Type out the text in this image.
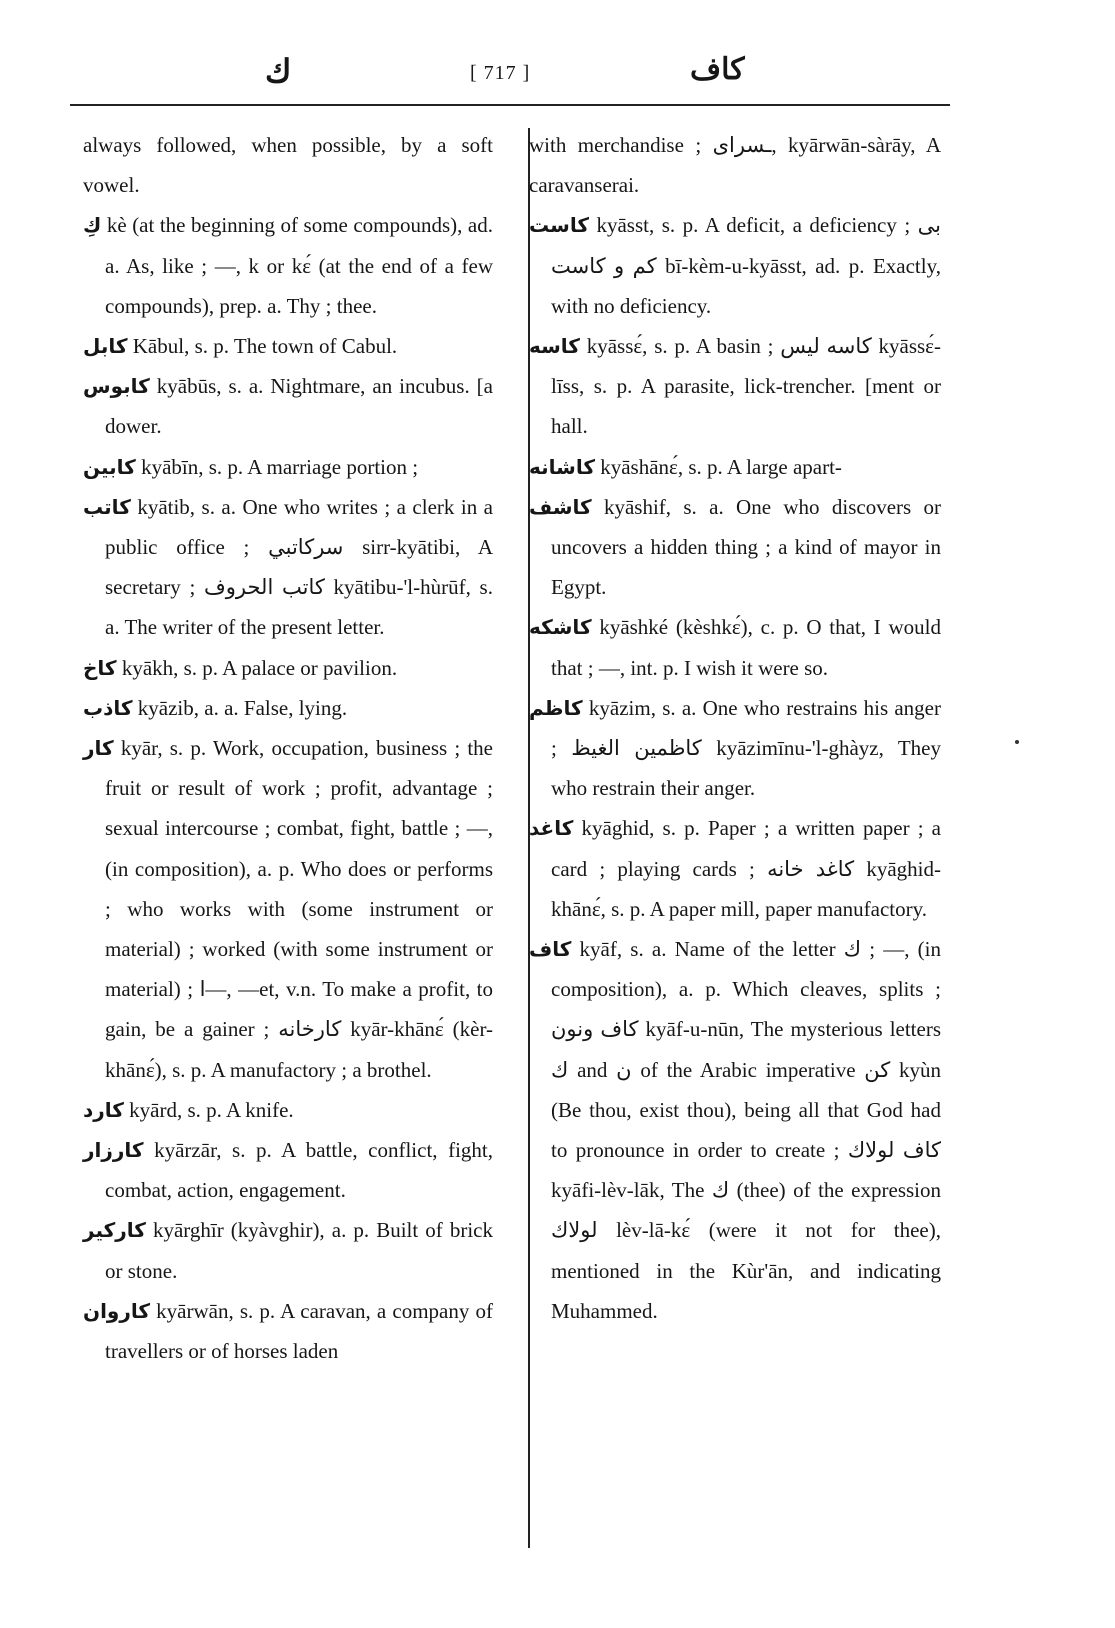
ك	[ 717 ]	كاف

always followed, when possible, by a soft vowel.

كِ kè (at the beginning of some compounds), ad. a. As, like ; —, k or kɛ́ (at the end of a few compounds), prep. a. Thy ; thee.

كابل Kābul, s. p. The town of Cabul.

كابوس kyābūs, s. a. Nightmare, an incubus. [a dower.

كابين kyābīn, s. p. A marriage portion ;

كاتب kyātib, s. a. One who writes ; a clerk in a public office ; سركاتبي sirr-kyātibi, A secretary ; كاتب الحروف kyātibu-'l-hùrūf, s. a. The writer of the present letter.

كاخ kyākh, s. p. A palace or pavilion.

كاذب kyāzib, a. a. False, lying.

كار kyār, s. p. Work, occupation, business ; the fruit or result of work ; profit, advantage ; sexual intercourse ; combat, fight, battle ; —, (in composition), a. p. Who does or performs ; who works with (some instrument or material) ; worked (with some instrument or material) ; ‎ا—, —et, v.n. To make a profit, to gain, be a gainer ; كارخانه kyār-khānɛ́ (kèr-khānɛ́), s. p. A manufactory ; a brothel.

كارد kyārd, s. p. A knife.

كارزار kyārzār, s. p. A battle, conflict, fight, combat, action, engagement.

كاركير kyārghīr (kyàvghir), a. p. Built of brick or stone.

كاروان kyārwān, s. p. A caravan, a company of travellers or of horses laden

with merchandise ; ـسراى, kyārwān-sàrāy, A caravanserai.

كاست kyāsst, s. p. A deficit, a deficiency ; بى كم و كاست bī-kèm-u-kyāsst, ad. p. Exactly, with no deficiency.

كاسه kyāssɛ́, s. p. A basin ; كاسه ليس kyāssɛ́-līss, s. p. A parasite, lick-trencher. [ment or hall.

كاشانه kyāshānɛ́, s. p. A large apart-

كاشف kyāshif, s. a. One who discovers or uncovers a hidden thing ; a kind of mayor in Egypt.

كاشكه kyāshké (kèshkɛ́), c. p. O that, I would that ; —, int. p. I wish it were so.

كاظم kyāzim, s. a. One who restrains his anger ; كاظمين الغيظ kyāzimīnu-'l-ghàyz, They who restrain their anger.

كاغد kyāghid, s. p. Paper ; a written paper ; a card ; playing cards ; كاغد خانه kyāghid-khānɛ́, s. p. A paper mill, paper manufactory.

كاف kyāf, s. a. Name of the letter ك ; —, (in composition), a. p. Which cleaves, splits ; كاف ونون kyāf-u-nūn, The mysterious letters ك and ن of the Arabic imperative كن kyùn (Be thou, exist thou), being all that God had to pronounce in order to create ; كاف لولاك kyāfi-lèv-lāk, The ك (thee) of the expression لولاك lèv-lā-kɛ́ (were it not for thee), mentioned in the Kùr'ān, and indicating Muhammed.
